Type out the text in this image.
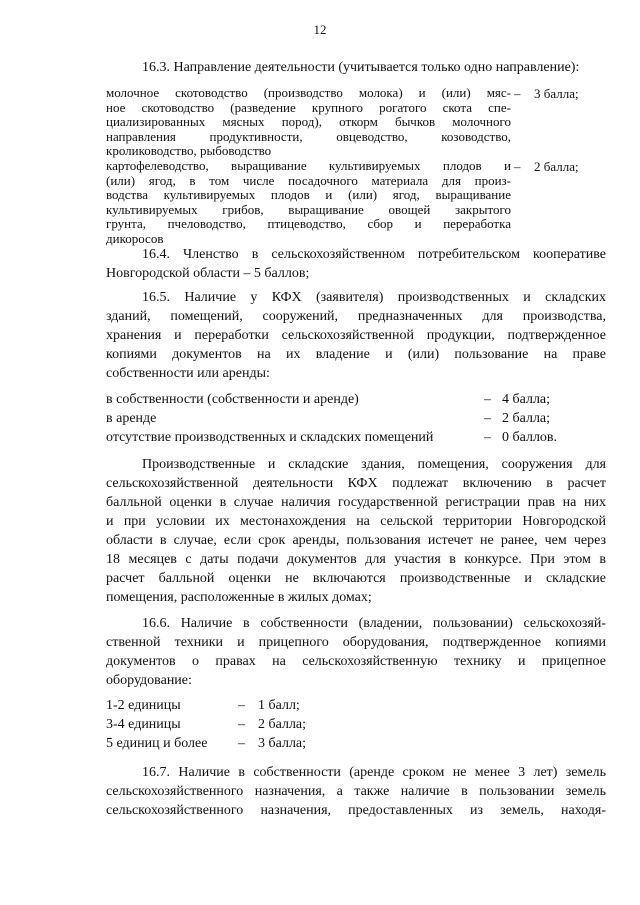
12
16.3. Направление деятельности (учитывается только одно направление):
молочное скотоводство (производство молока) и (или) мяс-
ное скотоводство (разведение крупного рогатого скота спе-
циализированных мясных пород), откорм бычков молочного
направления продуктивности, овцеводство, козоводство,
кролиководство, рыбоводство
– 3 балла;
картофелеводство, выращивание культивируемых плодов и
(или) ягод, в том числе посадочного материала для произ-
водства культивируемых плодов и (или) ягод, выращивание
культивируемых грибов, выращивание овощей закрытого
грунта, пчеловодство, птицеводство, сбор и переработка
дикоросов
– 2 балла;
16.4. Членство в сельскохозяйственном потребительском кооперативе
Новгородской области – 5 баллов;
16.5. Наличие у КФХ (заявителя) производственных и складских
зданий, помещений, сооружений, предназначенных для производства,
хранения и переработки сельскохозяйственной продукции, подтвержденное
копиями документов на их владение и (или) пользование на праве
собственности или аренды:
в собственности (собственности и аренде)	– 4 балла;
в аренде	– 2 балла;
отсутствие производственных и складских помещений	– 0 баллов.
Производственные и складские здания, помещения, сооружения для
сельскохозяйственной деятельности КФХ подлежат включению в расчет
балльной оценки в случае наличия государственной регистрации прав на них
и при условии их местонахождения на сельской территории Новгородской
области в случае, если срок аренды, пользования истечет не ранее, чем через
18 месяцев с даты подачи документов для участия в конкурсе. При этом в
расчет балльной оценки не включаются производственные и складские
помещения, расположенные в жилых домах;
16.6. Наличие в собственности (владении, пользовании) сельскохозяй-
ственной техники и прицепного оборудования, подтвержденное копиями
документов о правах на сельскохозяйственную технику и прицепное
оборудование:
1-2 единицы	– 1 балл;
3-4 единицы	– 2 балла;
5 единиц и более	– 3 балла;
16.7. Наличие в собственности (аренде сроком не менее 3 лет) земель
сельскохозяйственного назначения, а также наличие в пользовании земель
сельскохозяйственного назначения, предоставленных из земель, находя-
